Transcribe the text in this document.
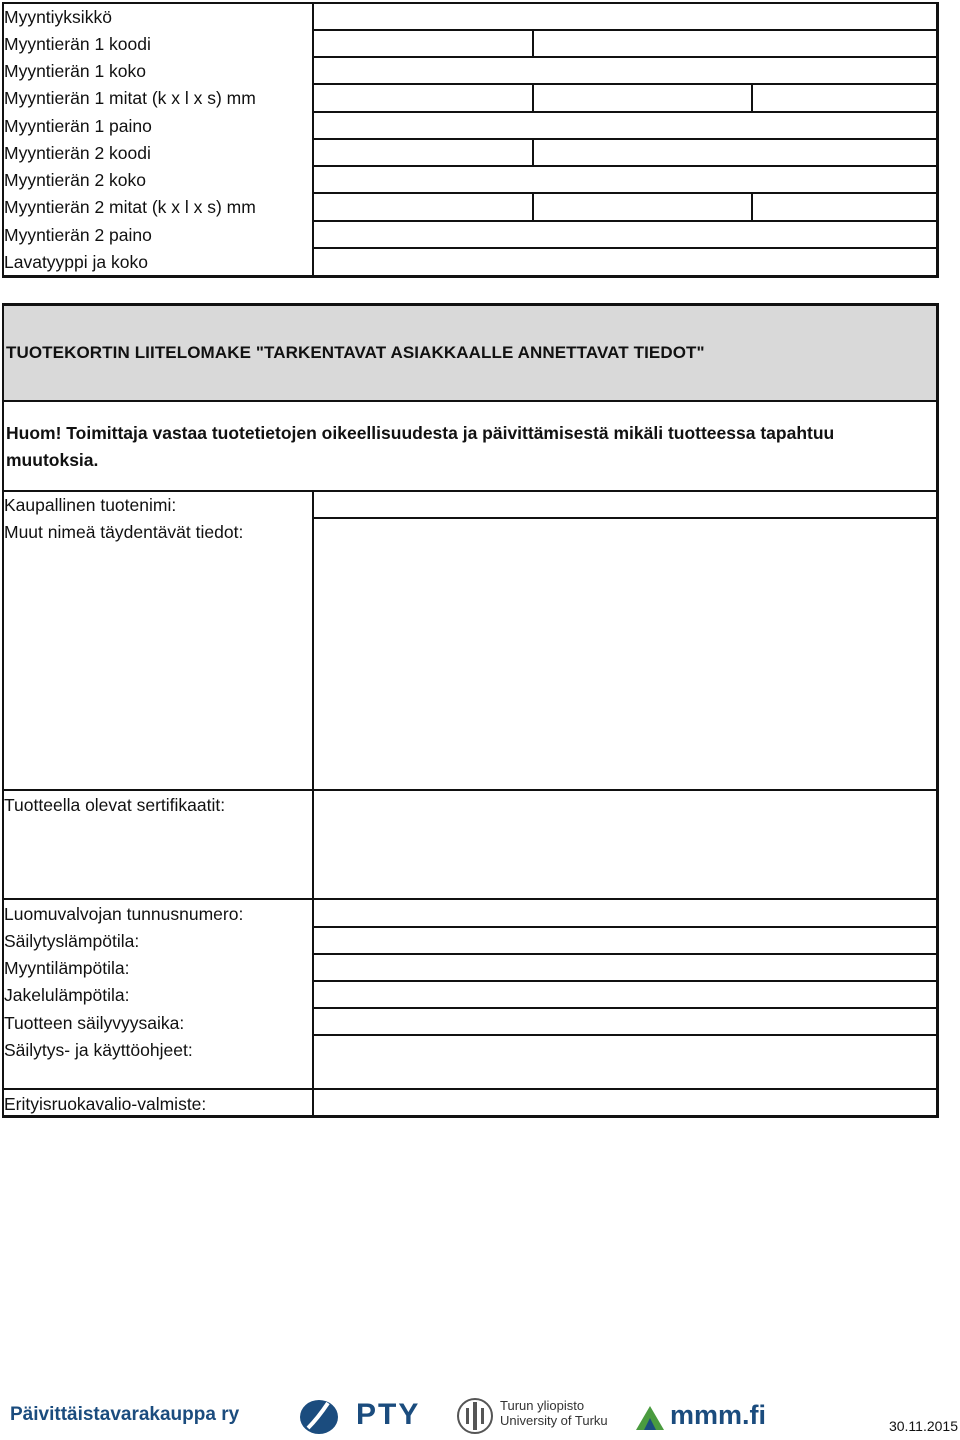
Myyntiyksikkö
Myyntierän 1 koodi
Myyntierän 1 koko
Myyntierän 1 mitat (k x l x s) mm
Myyntierän 1 paino
Myyntierän 2 koodi
Myyntierän 2 koko
Myyntierän 2 mitat (k x l x s) mm
Myyntierän 2 paino
Lavatyyppi ja koko
TUOTEKORTIN LIITELOMAKE "TARKENTAVAT ASIAKKAALLE ANNETTAVAT TIEDOT"
Huom! Toimittaja vastaa tuotetietojen oikeellisuudesta ja päivittämisestä mikäli tuotteessa tapahtuu muutoksia.
Kaupallinen tuotenimi:
Muut nimeä täydentävät tiedot:
Tuotteella olevat sertifikaatit:
Luomuvalvojan tunnusnumero:
Säilytyslämpötila:
Myyntilämpötila:
Jakelulämpötila:
Tuotteen säilyvyysaika:
Säilytys- ja käyttöohjeet:
Erityisruokavalio-valmiste:
Päivittäistavarakauppa ry	PTY	Turun yliopisto
University of Turku mmm.fi	30.11.2015
